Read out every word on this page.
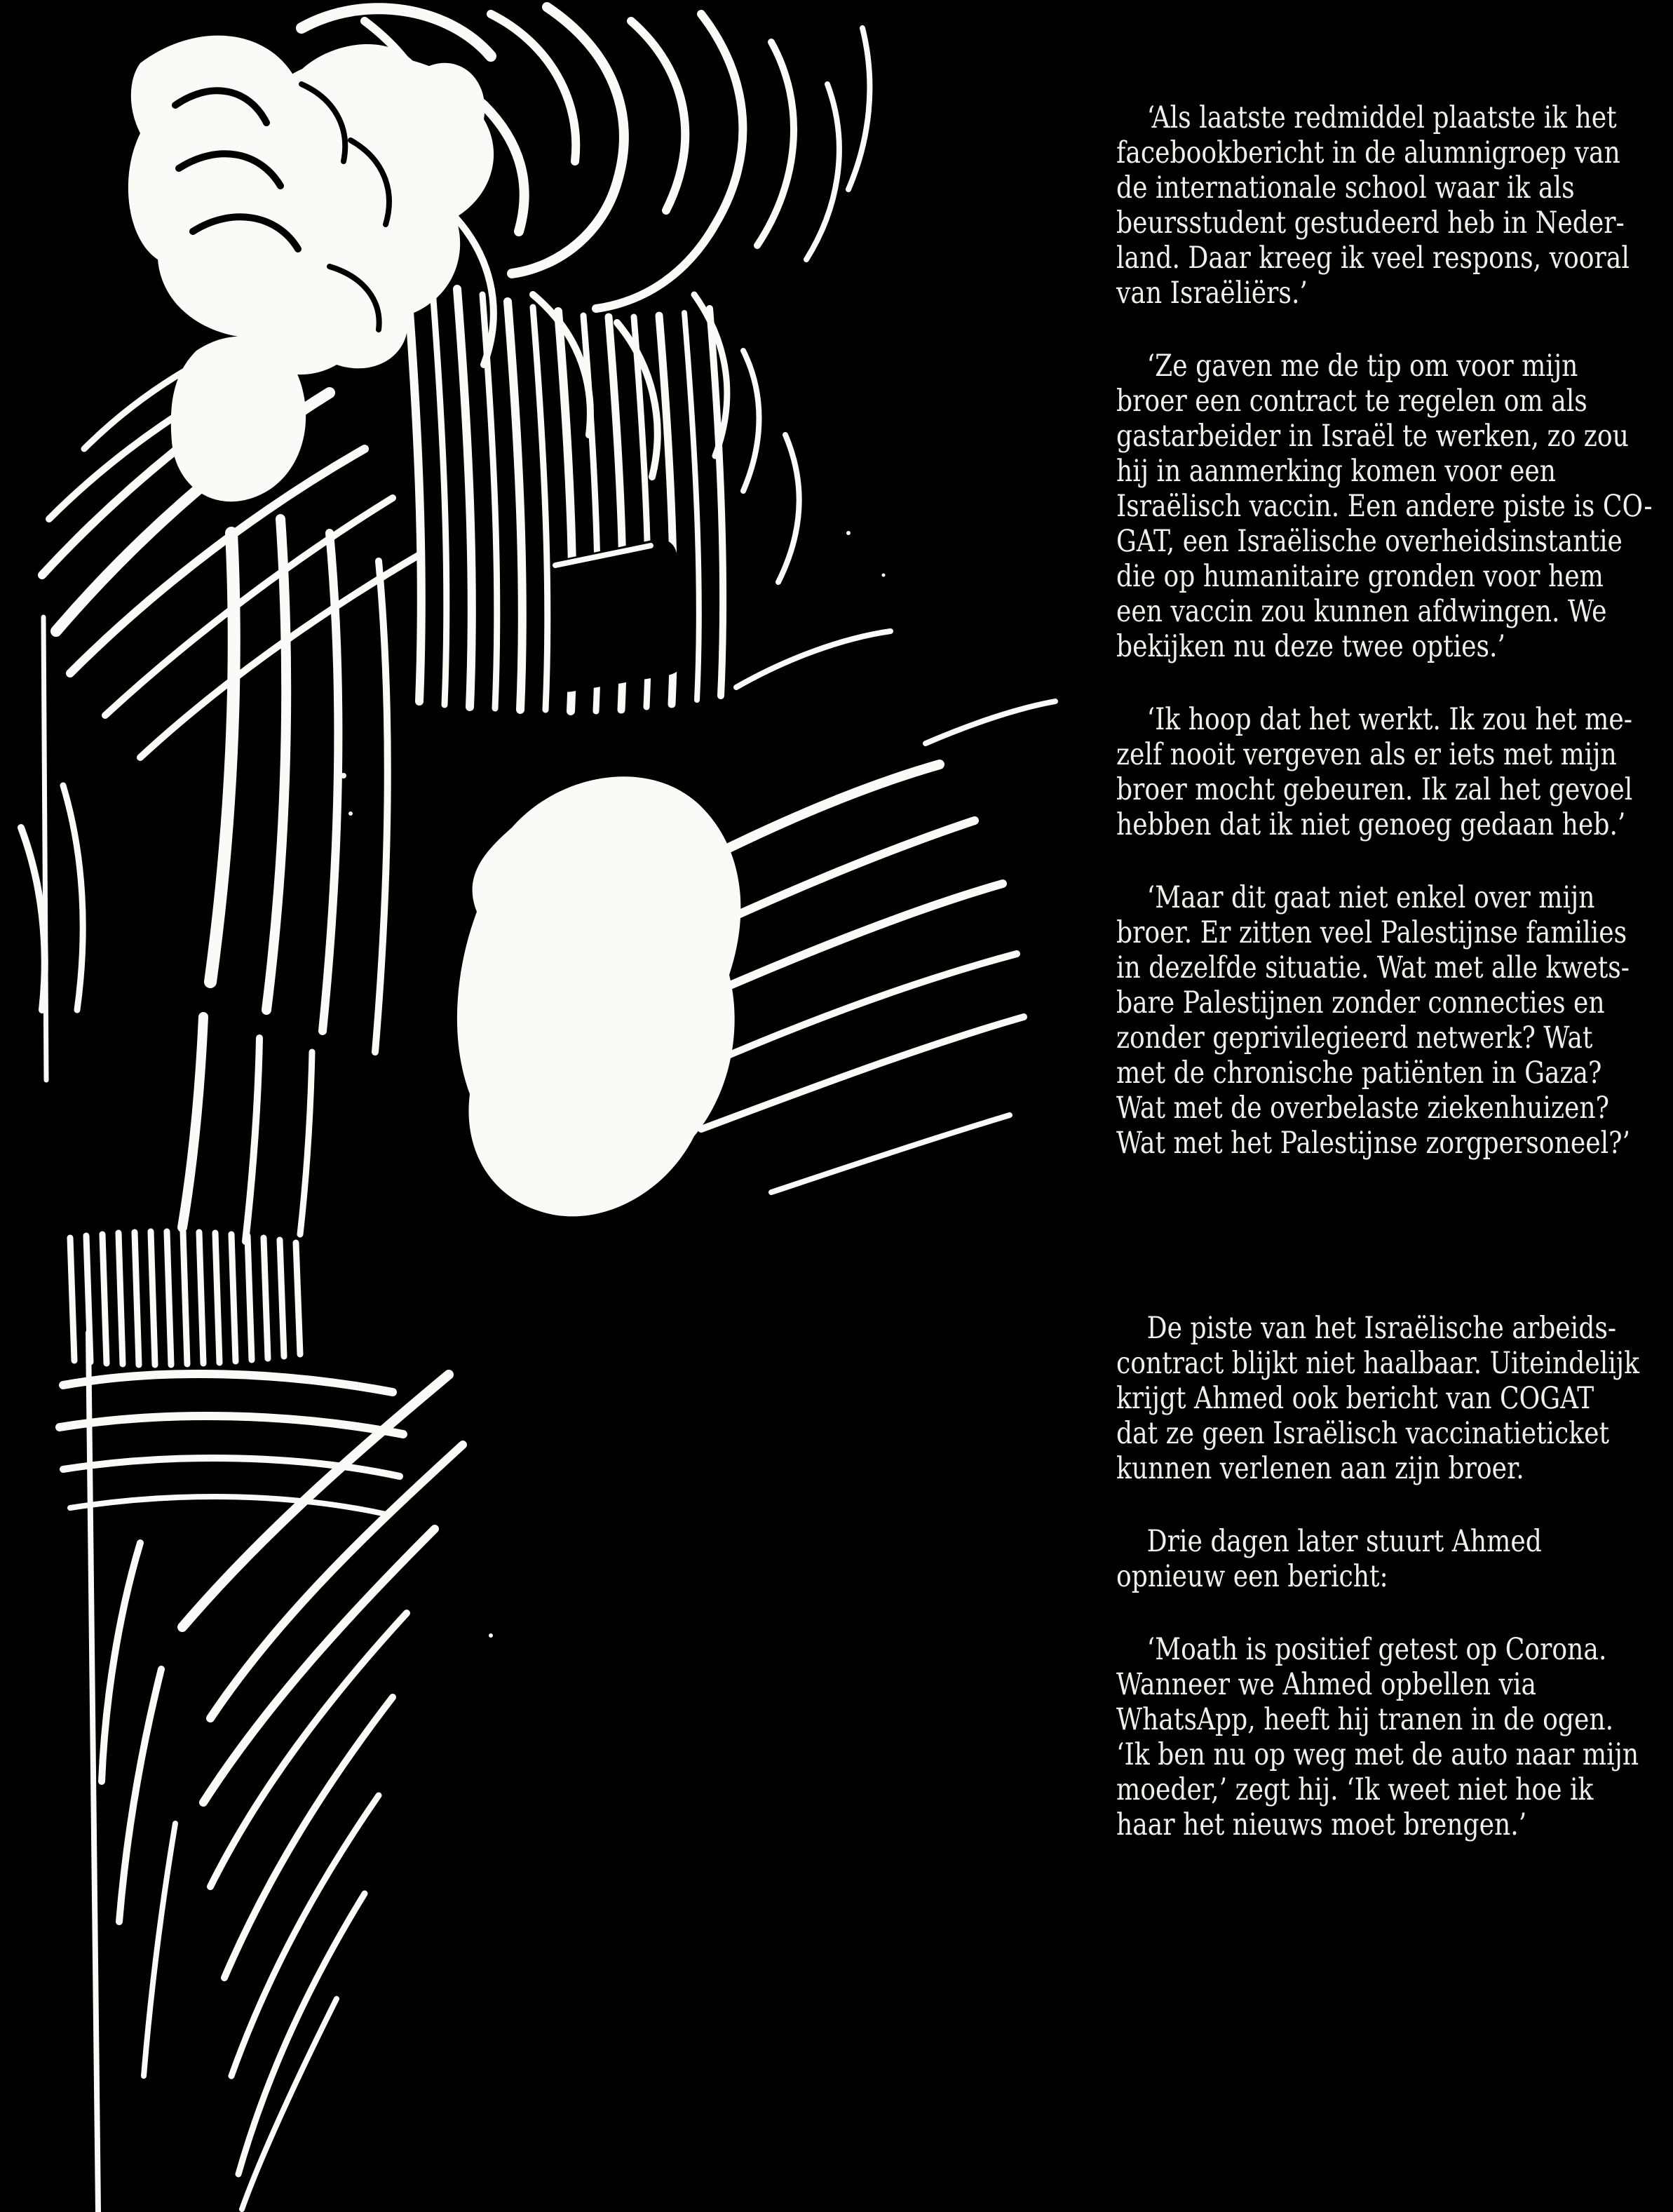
‘Als laatste redmiddel plaatste ik het
facebookbericht in de alumnigroep van
de internationale school waar ik als
beursstudent gestudeerd heb in Neder-
land. Daar kreeg ik veel respons, vooral
van Israëliërs.’

‘Ze gaven me de tip om voor mijn
broer een contract te regelen om als
gastarbeider in Israël te werken, zo zou
hij in aanmerking komen voor een
Israëlisch vaccin. Een andere piste is CO-
GAT, een Israëlische overheidsinstantie
die op humanitaire gronden voor hem
een vaccin zou kunnen afdwingen. We
bekijken nu deze twee opties.’

‘Ik hoop dat het werkt. Ik zou het me-
zelf nooit vergeven als er iets met mijn
broer mocht gebeuren. Ik zal het gevoel
hebben dat ik niet genoeg gedaan heb.’

‘Maar dit gaat niet enkel over mijn
broer. Er zitten veel Palestijnse families
in dezelfde situatie. Wat met alle kwets-
bare Palestijnen zonder connecties en
zonder geprivilegieerd netwerk? Wat
met de chronische patiënten in Gaza?
Wat met de overbelaste ziekenhuizen?
Wat met het Palestijnse zorgpersoneel?’

De piste van het Israëlische arbeids-
contract blijkt niet haalbaar. Uiteindelijk
krijgt Ahmed ook bericht van COGAT
dat ze geen Israëlisch vaccinatieticket
kunnen verlenen aan zijn broer.

Drie dagen later stuurt Ahmed
opnieuw een bericht:

‘Moath is positief getest op Corona.
Wanneer we Ahmed opbellen via
WhatsApp, heeft hij tranen in de ogen.
‘Ik ben nu op weg met de auto naar mijn
moeder,’ zegt hij. ‘Ik weet niet hoe ik
haar het nieuws moet brengen.’
